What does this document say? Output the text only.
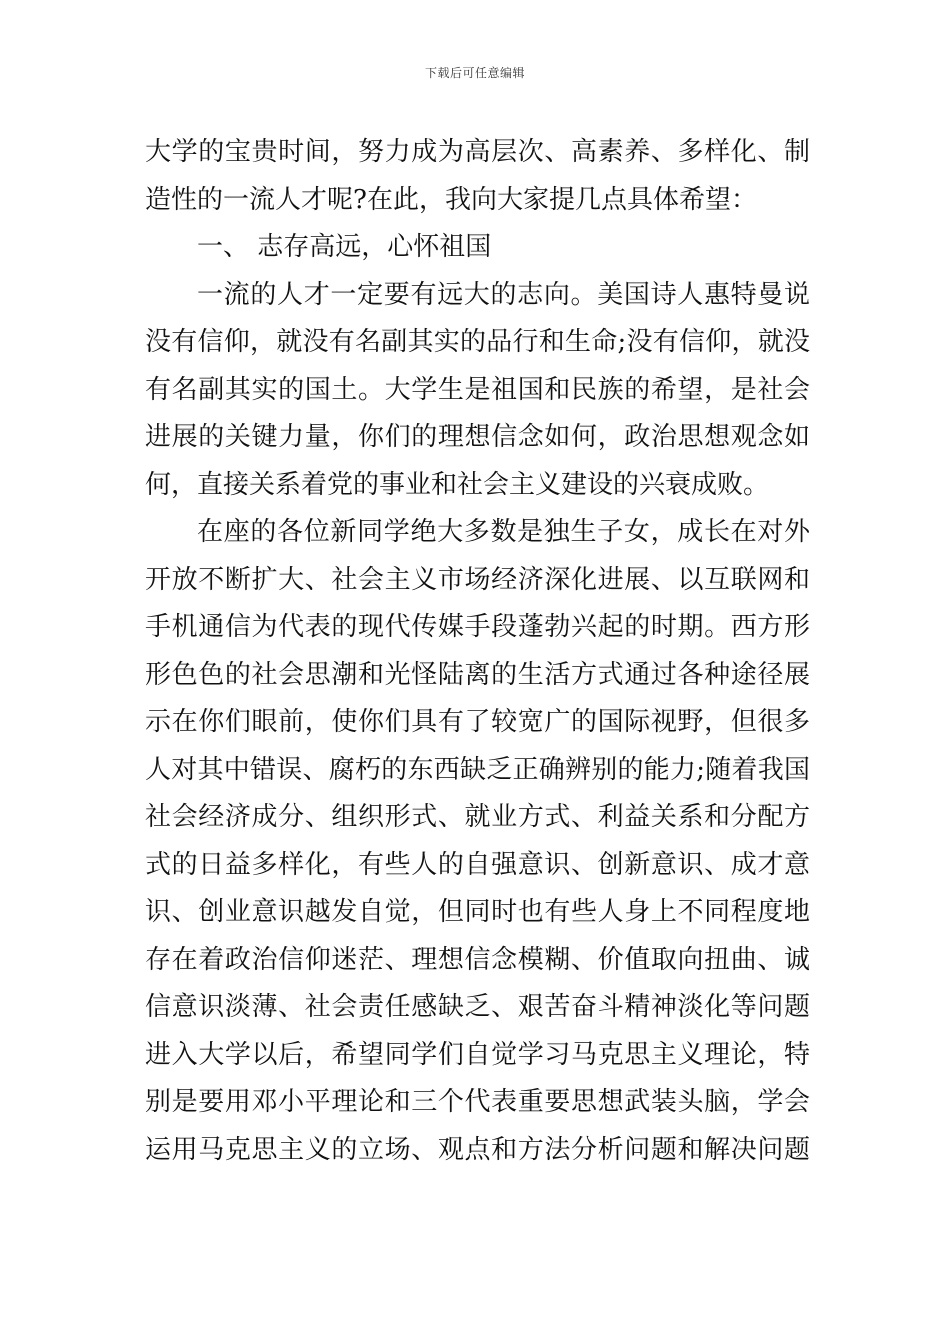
下载后可任意编辑
大学的宝贵时间，努力成为高层次、高素养、多样化、制
造性的一流人才呢?在此，我向大家提几点具体希望：
一、 志存高远，心怀祖国
一流的人才一定要有远大的志向。美国诗人惠特曼说
没有信仰，就没有名副其实的品行和生命;没有信仰，就没
有名副其实的国土。大学生是祖国和民族的希望，是社会
进展的关键力量，你们的理想信念如何，政治思想观念如
何，直接关系着党的事业和社会主义建设的兴衰成败。
在座的各位新同学绝大多数是独生子女，成长在对外
开放不断扩大、社会主义市场经济深化进展、以互联网和
手机通信为代表的现代传媒手段蓬勃兴起的时期。西方形
形色色的社会思潮和光怪陆离的生活方式通过各种途径展
示在你们眼前，使你们具有了较宽广的国际视野，但很多
人对其中错误、腐朽的东西缺乏正确辨别的能力;随着我国
社会经济成分、组织形式、就业方式、利益关系和分配方
式的日益多样化，有些人的自强意识、创新意识、成才意
识、创业意识越发自觉，但同时也有些人身上不同程度地
存在着政治信仰迷茫、理想信念模糊、价值取向扭曲、诚
信意识淡薄、社会责任感缺乏、艰苦奋斗精神淡化等问题
进入大学以后，希望同学们自觉学习马克思主义理论，特
别是要用邓小平理论和三个代表重要思想武装头脑，学会
运用马克思主义的立场、观点和方法分析问题和解决问题
